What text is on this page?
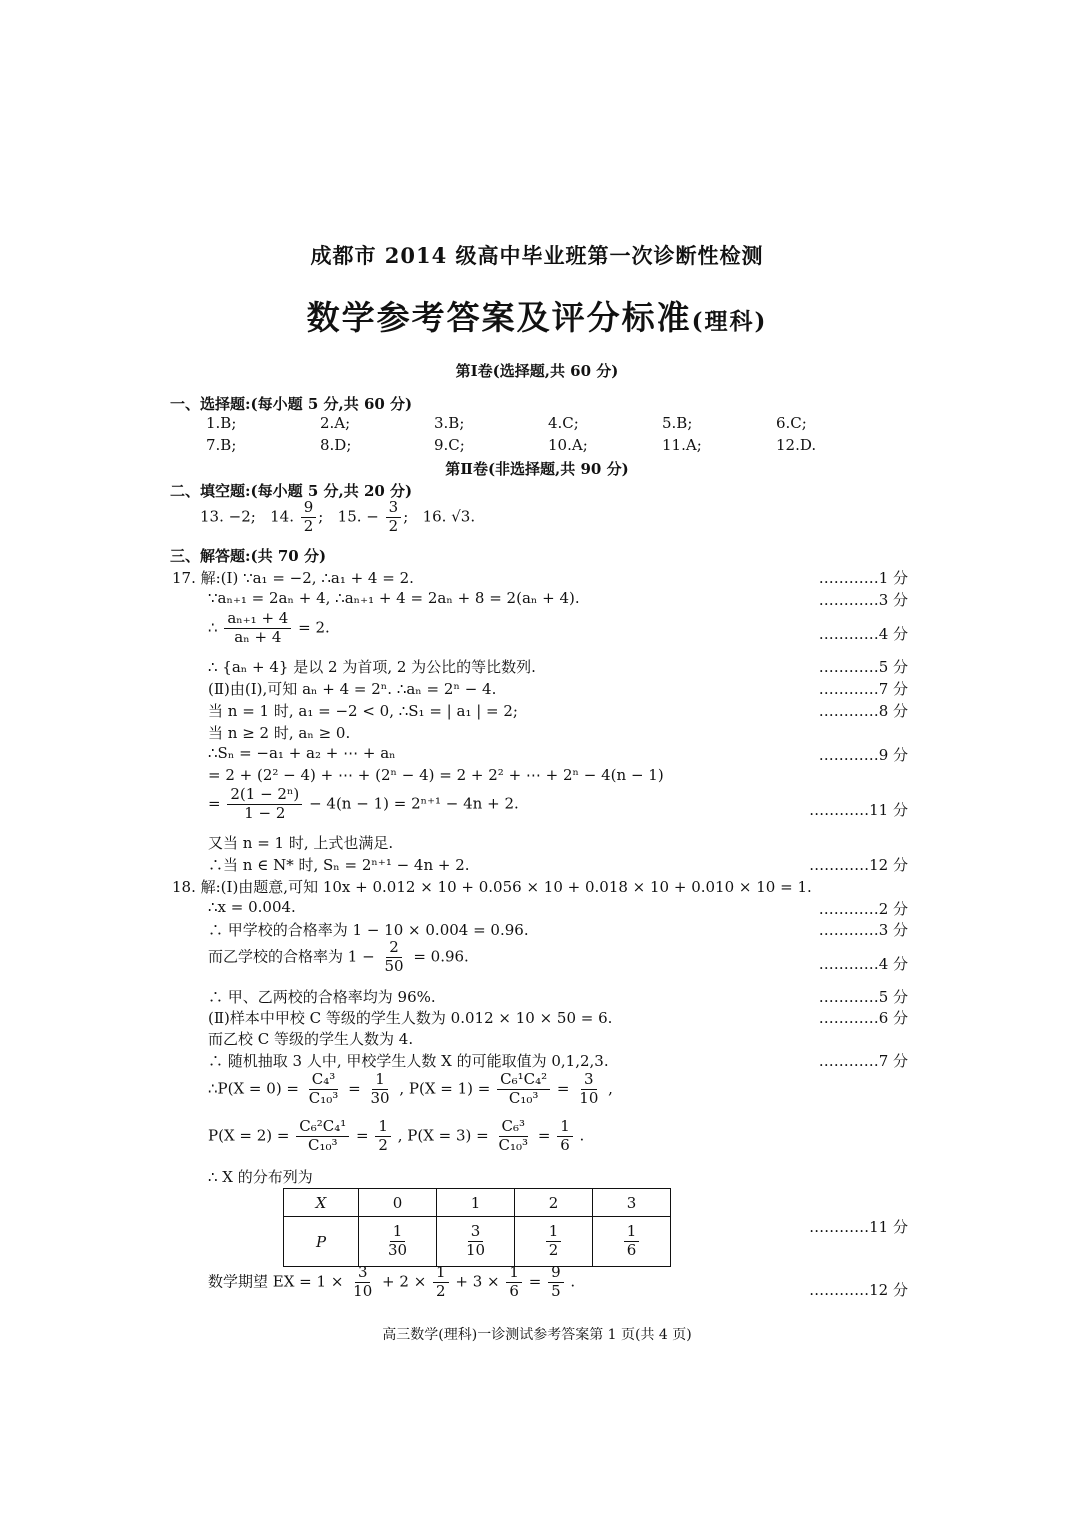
成都市 2014 级高中毕业班第一次诊断性检测
数学参考答案及评分标准(理科)
第Ⅰ卷(选择题,共 60 分)
一、选择题:(每小题 5 分,共 60 分)
1.B;	2.A;	3.B;	4.C;	5.B;	6.C;
7.B;	8.D;	9.C;	10.A;	11.A;	12.D.
第Ⅱ卷(非选择题,共 90 分)
二、填空题:(每小题 5 分,共 20 分)
13. −2; 14. $\frac{9}{2}$ ; 15. − $\frac{3}{2}$ ; 16. √3.
三、解答题:(共 70 分)
17. 解:(Ⅰ) ∵a₁ = −2, ∴a₁ + 4 = 2.	…………1 分
∵aₙ₊₁ = 2aₙ + 4, ∴aₙ₊₁ + 4 = 2aₙ + 8 = 2(aₙ + 4).	…………3 分
∴ $\frac{\text{aₙ₊₁ + 4}}{\text{aₙ + 4}} = 2$.	…………4 分
∴ {aₙ + 4} 是以 2 为首项, 2 为公比的等比数列.	…………5 分
(Ⅱ)由(Ⅰ),可知 aₙ + 4 = 2ⁿ. ∴aₙ = 2ⁿ − 4.	…………7 分
当 n = 1 时, a₁ = −2 < 0, ∴S₁ = | a₁ | = 2;	…………8 分
当 n ≥ 2 时, aₙ ≥ 0.
∴Sₙ = −a₁ + a₂ + ⋯ + aₙ	…………9 分
= 2 + (2² − 4) + ⋯ + (2ⁿ − 4) = 2 + 2² + ⋯ + 2ⁿ − 4(n − 1)
= $\frac{\text{2(1 − 2ⁿ)}}{1 - 2} - 4(n - 1) = 2^{n+1} - 4n + 2$.	…………11 分
又当 n = 1 时, 上式也满足.
∴当 n ∈ N* 时, Sₙ = 2ⁿ⁺¹ − 4n + 2.	…………12 分
18. 解:(Ⅰ)由题意,可知 10x + 0.012 × 10 + 0.056 × 10 + 0.018 × 10 + 0.010 × 10 = 1.
∴x = 0.004.	…………2 分
∴ 甲学校的合格率为 1 − 10 × 0.004 = 0.96.	…………3 分
而乙学校的合格率为 $1 - \frac{2}{50} = 0.96$.	…………4 分
∴ 甲、乙两校的合格率均为 96%.	…………5 分
(Ⅱ)样本中甲校 C 等级的学生人数为 0.012 × 10 × 50 = 6.	…………6 分
而乙校 C 等级的学生人数为 4.
∴ 随机抽取 3 人中, 甲校学生人数 X 的可能取值为 0,1,2,3.	…………7 分
∴P(X = $0) = \frac{\text{C₄³}}{\text{C₁₀³}} = \frac{1}{30}$ , $P(X = 1) = \frac{\text{C₆¹C₄²}}{\text{C₁₀³}} = \frac{3}{10}$ ,
$P(X = 2) = \frac{\text{C₆²C₄¹}}{\text{C₁₀³}} = \frac{1}{2}$ , $P(X = 3) = \frac{\text{C₆³}}{\text{C₁₀³}} = \frac{1}{6}$ .
∴ X 的分布列为
X	0	1	2	3
P	$\frac{1}{30}$	$\frac{3}{10}$	$\frac{1}{2}$	$\frac{1}{6}$	…………11 分
数学期望 EX = $1 \times \frac{3}{10} + 2 \times \frac{1}{2} + 3 \times \frac{1}{6} = \frac{9}{5}$ .	…………12 分
高三数学(理科)一诊测试参考答案第 1 页(共 4 页)
